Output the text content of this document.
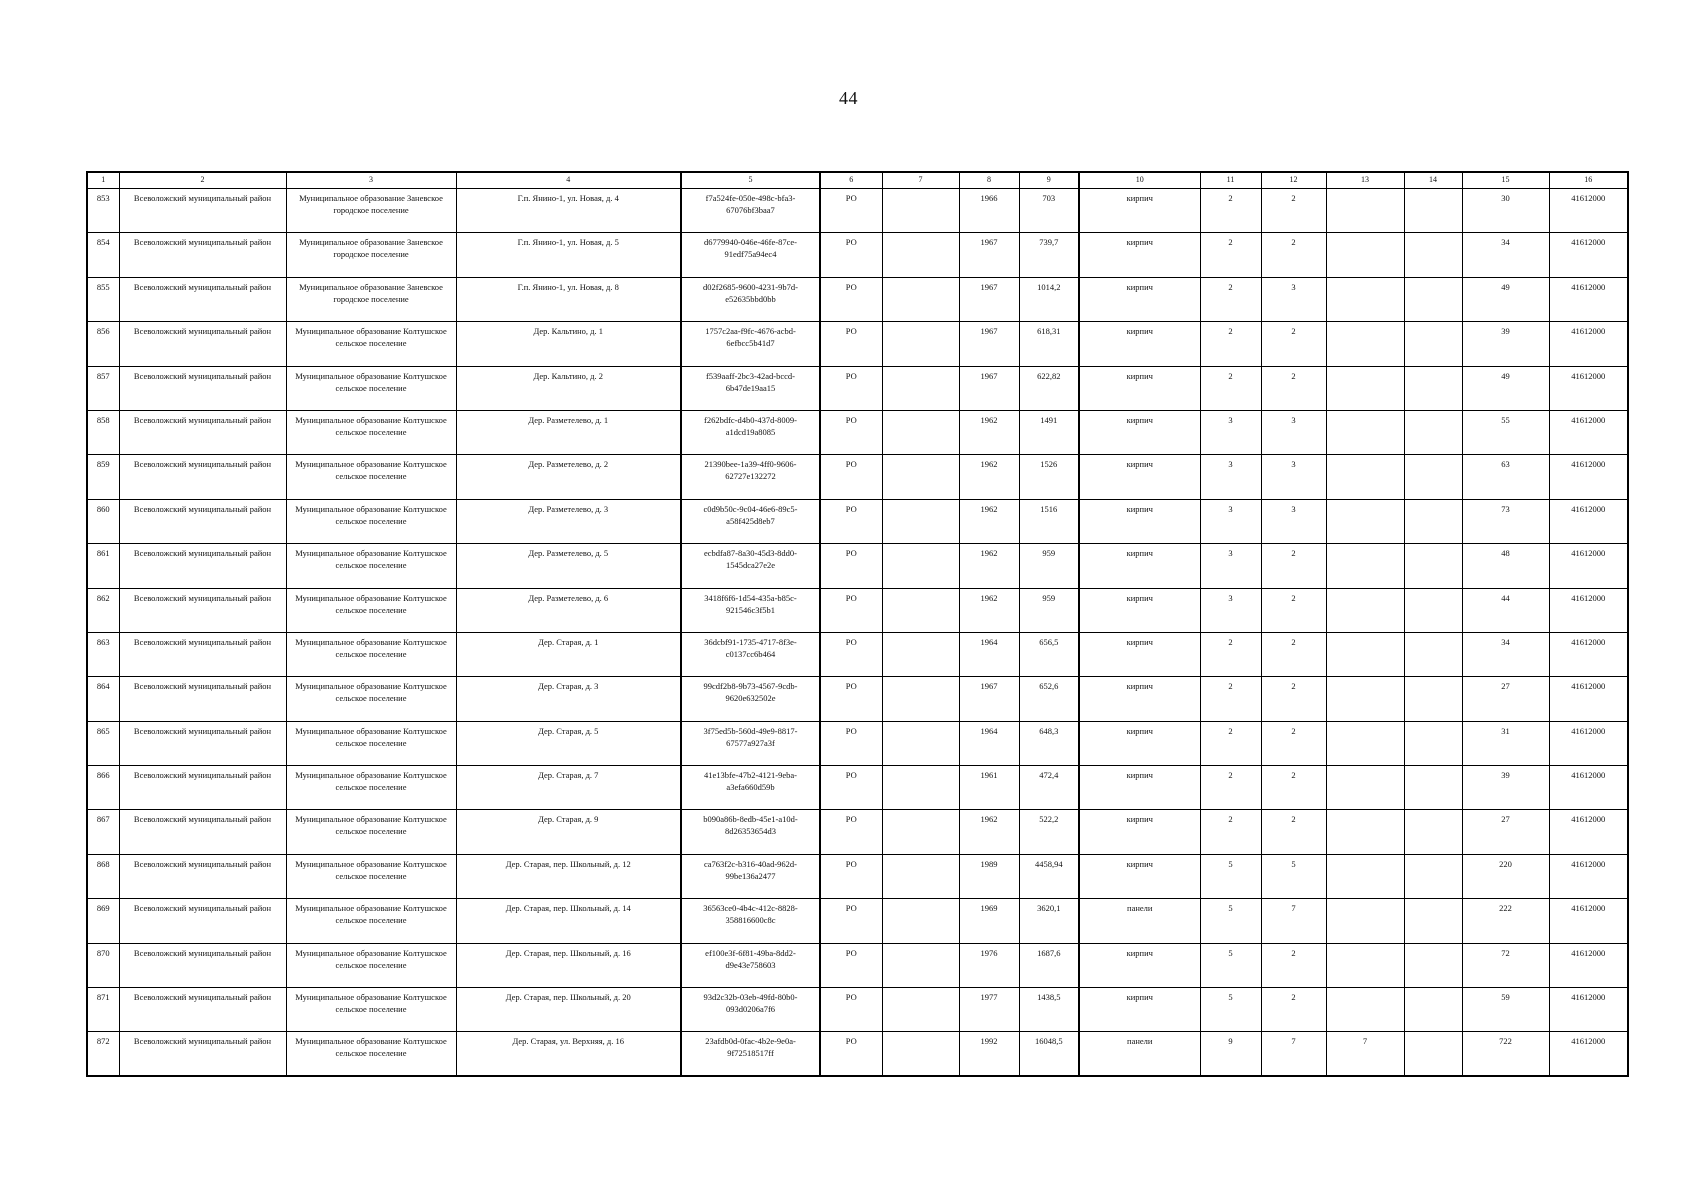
44
1	2	3	4	5	6	7	8	9	10	11	12	13	14	15	16
853	Всеволожский муниципальный район	Муниципальное образование Заневское городское поселение	Г.п. Янино-1, ул. Новая, д. 4	f7a524fe-050e-498c-bfa3-67076bf3baa7	РО		1966	703	кирпич	2	2			30	41612000
854	Всеволожский муниципальный район	Муниципальное образование Заневское городское поселение	Г.п. Янино-1, ул. Новая, д. 5	d6779940-046e-46fe-87ce-91edf75a94ec4	РО		1967	739,7	кирпич	2	2			34	41612000
855	Всеволожский муниципальный район	Муниципальное образование Заневское городское поселение	Г.п. Янино-1, ул. Новая, д. 8	d02f2685-9600-4231-9b7d-e52635bbd0bb	РО		1967	1014,2	кирпич	2	3			49	41612000
856	Всеволожский муниципальный район	Муниципальное образование Колтушское сельское поселение	Дер. Кальтино, д. 1	1757c2aa-f9fc-4676-acbd-6efbcc5b41d7	РО		1967	618,31	кирпич	2	2			39	41612000
857	Всеволожский муниципальный район	Муниципальное образование Колтушское сельское поселение	Дер. Кальтино, д. 2	f539aaff-2bc3-42ad-bccd-6b47de19aa15	РО		1967	622,82	кирпич	2	2			49	41612000
858	Всеволожский муниципальный район	Муниципальное образование Колтушское сельское поселение	Дер. Разметелево, д. 1	f262bdfc-d4b0-437d-8009-a1dcd19a8085	РО		1962	1491	кирпич	3	3			55	41612000
859	Всеволожский муниципальный район	Муниципальное образование Колтушское сельское поселение	Дер. Разметелево, д. 2	21390bee-1a39-4ff0-9606-62727e132272	РО		1962	1526	кирпич	3	3			63	41612000
860	Всеволожский муниципальный район	Муниципальное образование Колтушское сельское поселение	Дер. Разметелево, д. 3	c0d9b50c-9c04-46e6-89c5-a58f425d8eb7	РО		1962	1516	кирпич	3	3			73	41612000
861	Всеволожский муниципальный район	Муниципальное образование Колтушское сельское поселение	Дер. Разметелево, д. 5	ecbdfa87-8a30-45d3-8dd0-1545dca27e2e	РО		1962	959	кирпич	3	2			48	41612000
862	Всеволожский муниципальный район	Муниципальное образование Колтушское сельское поселение	Дер. Разметелево, д. 6	3418f6f6-1d54-435a-b85c-921546c3f5b1	РО		1962	959	кирпич	3	2			44	41612000
863	Всеволожский муниципальный район	Муниципальное образование Колтушское сельское поселение	Дер. Старая, д. 1	36dcbf91-1735-4717-8f3e-c0137cc6b464	РО		1964	656,5	кирпич	2	2			34	41612000
864	Всеволожский муниципальный район	Муниципальное образование Колтушское сельское поселение	Дер. Старая, д. 3	99cdf2b8-9b73-4567-9cdb-9620e632502e	РО		1967	652,6	кирпич	2	2			27	41612000
865	Всеволожский муниципальный район	Муниципальное образование Колтушское сельское поселение	Дер. Старая, д. 5	3f75ed5b-560d-49e9-8817-67577a927a3f	РО		1964	648,3	кирпич	2	2			31	41612000
866	Всеволожский муниципальный район	Муниципальное образование Колтушское сельское поселение	Дер. Старая, д. 7	41e13bfe-47b2-4121-9eba-a3efa660d59b	РО		1961	472,4	кирпич	2	2			39	41612000
867	Всеволожский муниципальный район	Муниципальное образование Колтушское сельское поселение	Дер. Старая, д. 9	b090a86b-8edb-45e1-a10d-8d26353654d3	РО		1962	522,2	кирпич	2	2			27	41612000
868	Всеволожский муниципальный район	Муниципальное образование Колтушское сельское поселение	Дер. Старая, пер. Школьный, д. 12	ca763f2c-b316-40ad-962d-99be136a2477	РО		1989	4458,94	кирпич	5	5			220	41612000
869	Всеволожский муниципальный район	Муниципальное образование Колтушское сельское поселение	Дер. Старая, пер. Школьный, д. 14	36563ce0-4b4c-412c-8828-358816600c8c	РО		1969	3620,1	панели	5	7			222	41612000
870	Всеволожский муниципальный район	Муниципальное образование Колтушское сельское поселение	Дер. Старая, пер. Школьный, д. 16	ef100e3f-6f81-49ba-8dd2-d9e43e758603	РО		1976	1687,6	кирпич	5	2			72	41612000
871	Всеволожский муниципальный район	Муниципальное образование Колтушское сельское поселение	Дер. Старая, пер. Школьный, д. 20	93d2c32b-03eb-49fd-80b0-093d0206a7f6	РО		1977	1438,5	кирпич	5	2			59	41612000
872	Всеволожский муниципальный район	Муниципальное образование Колтушское сельское поселение	Дер. Старая, ул. Верхняя, д. 16	23afdb0d-0fac-4b2e-9e0a-9f72518517ff	РО		1992	16048,5	панели	9	7	7		722	41612000
